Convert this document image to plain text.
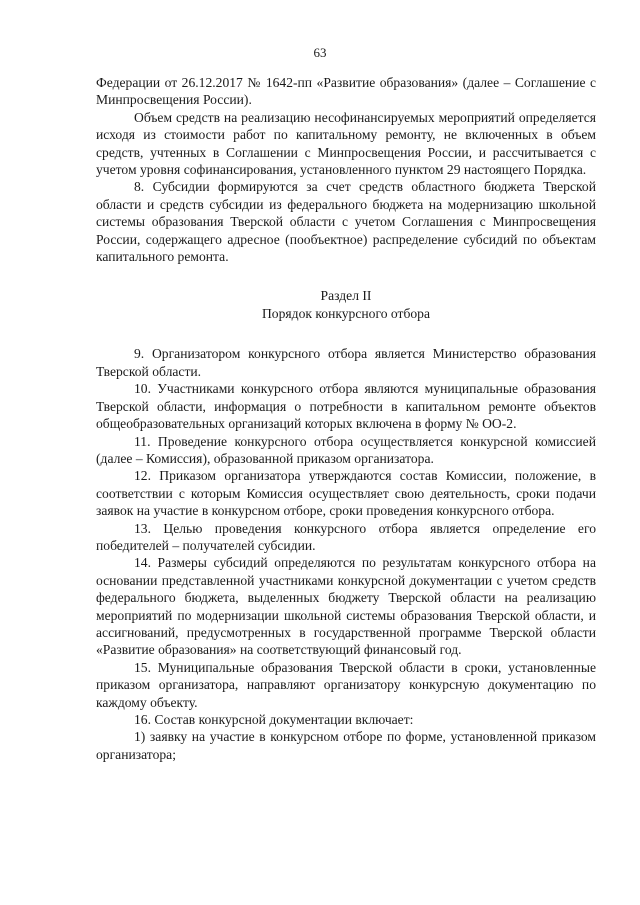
63

Федерации от 26.12.2017 № 1642-пп «Развитие образования» (далее – Соглашение с Минпросвещения России).

Объем средств на реализацию несофинансируемых мероприятий определяется исходя из стоимости работ по капитальному ремонту, не включенных в объем средств, учтенных в Соглашении с Минпросвещения России, и рассчитывается с учетом уровня софинансирования, установленного пунктом 29 настоящего Порядка.

8. Субсидии формируются за счет средств областного бюджета Тверской области и средств субсидии из федерального бюджета на модернизацию школьной системы образования Тверской области с учетом Соглашения с Минпросвещения России, содержащего адресное (пообъектное) распределение субсидий по объектам капитального ремонта.

Раздел II
Порядок конкурсного отбора

9. Организатором конкурсного отбора является Министерство образования Тверской области.

10. Участниками конкурсного отбора являются муниципальные образования Тверской области, информация о потребности в капитальном ремонте объектов общеобразовательных организаций которых включена в форму № ОО-2.

11. Проведение конкурсного отбора осуществляется конкурсной комиссией (далее – Комиссия), образованной приказом организатора.

12. Приказом организатора утверждаются состав Комиссии, положение, в соответствии с которым Комиссия осуществляет свою деятельность, сроки подачи заявок на участие в конкурсном отборе, сроки проведения конкурсного отбора.

13. Целью проведения конкурсного отбора является определение его победителей – получателей субсидии.

14. Размеры субсидий определяются по результатам конкурсного отбора на основании представленной участниками конкурсной документации с учетом средств федерального бюджета, выделенных бюджету Тверской области на реализацию мероприятий по модернизации школьной системы образования Тверской области, и ассигнований, предусмотренных в государственной программе Тверской области «Развитие образования» на соответствующий финансовый год.

15. Муниципальные образования Тверской области в сроки, установленные приказом организатора, направляют организатору конкурсную документацию по каждому объекту.

16. Состав конкурсной документации включает:

1) заявку на участие в конкурсном отборе по форме, установленной приказом организатора;
